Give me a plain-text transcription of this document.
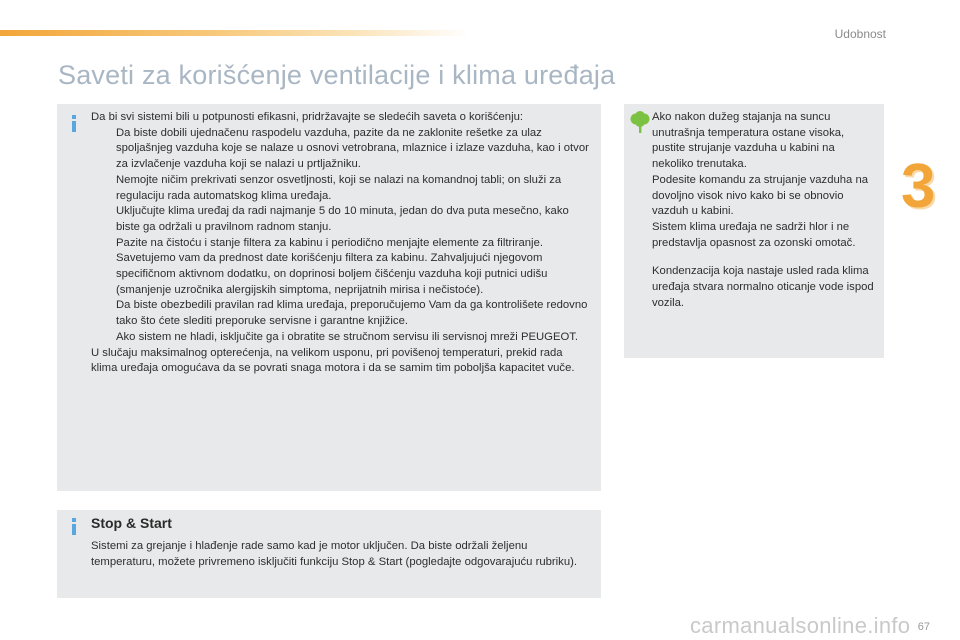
Udobnost
3
Saveti za korišćenje ventilacije i klima uređaja

Da bi svi sistemi bili u potpunosti efikasni, pridržavajte se sledećih saveta o korišćenju:

Da biste dobili ujednačenu raspodelu vazduha, pazite da ne zaklonite rešetke za ulaz spoljašnjeg vazduha koje se nalaze u osnovi vetrobrana, mlaznice i izlaze vazduha, kao i otvor za izvlačenje vazduha koji se nalazi u prtljažniku.
Nemojte ničim prekrivati senzor osvetljnosti, koji se nalazi na komandnoj tabli; on služi za regulaciju rada automatskog klima uređaja.
Uključujte klima uređaj da radi najmanje 5 do 10 minuta, jedan do dva puta mesečno, kako biste ga održali u pravilnom radnom stanju.
Pazite na čistoću i stanje filtera za kabinu i periodično menjajte elemente za filtriranje. Savetujemo vam da prednost date korišćenju filtera za kabinu. Zahvaljujući njegovom specifičnom aktivnom dodatku, on doprinosi boljem čišćenju vazduha koji putnici udišu (smanjenje uzročnika alergijskih simptoma, neprijatnih mirisa i nečistoće).
Da biste obezbedili pravilan rad klima uređaja, preporučujemo Vam da ga kontrolišete redovno tako što ćete slediti preporuke servisne i garantne knjižice.
Ako sistem ne hladi, isključite ga i obratite se stručnom servisu ili servisnoj mreži PEUGEOT.

U slučaju maksimalnog opterećenja, na velikom usponu, pri povišenoj temperaturi, prekid rada klima uređaja omogućava da se povrati snaga motora i da se samim tim poboljša kapacitet vuče.

Ako nakon dužeg stajanja na suncu unutrašnja temperatura ostane visoka, pustite strujanje vazduha u kabini na nekoliko trenutaka.

Podesite komandu za strujanje vazduha na dovoljno visok nivo kako bi se obnovio vazduh u kabini.

Sistem klima uređaja ne sadrži hlor i ne predstavlja opasnost za ozonski omotač.

Kondenzacija koja nastaje usled rada klima uređaja stvara normalno oticanje vode ispod vozila.

Stop & Start

Sistemi za grejanje i hlađenje rade samo kad je motor uključen. Da biste održali željenu temperaturu, možete privremeno isključiti funkciju Stop & Start (pogledajte odgovarajuću rubriku).

carmanualsonline.info 67
